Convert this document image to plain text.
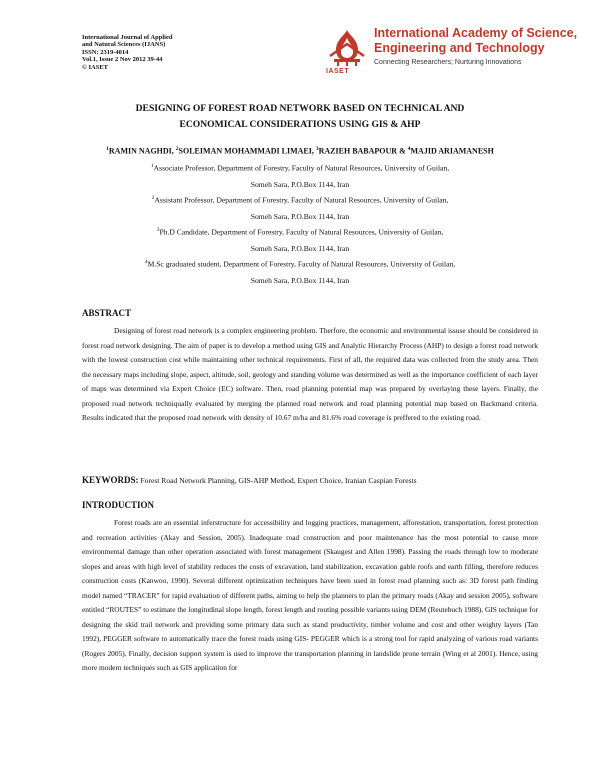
International Journal of Applied
and Natural Sciences (IJANS)
ISSN: 2319-4014
Vol.1, Issue 2 Nov 2012 39-44
© IASET
IASET
International Academy of Science,
Engineering and Technology
Connecting Researchers; Nurturing Innovations
DESIGNING OF FOREST ROAD NETWORK BASED ON TECHNICAL AND
ECONOMICAL CONSIDERATIONS USING GIS & AHP
$^1$RAMIN NAGHDI, $^2$SOLEIMAN MOHAMMADI LIMAEI, $^3$RAZIEH BABAPOUR & $^4$MAJID ARIAMANESH
$^1$Associate Professor, Department of Forestry, Faculty of Natural Resources, University of Guilan,
Someh Sara, P.O.Box 1144, Iran
$^2$Assistant Professor, Department of Forestry, Faculty of Natural Resources, University of Guilan,
Someh Sara, P.O.Box 1144, Iran
$^3$Ph.D Candidate, Department of Forestry, Faculty of Natural Resources, University of Guilan,
Someh Sara, P.O.Box 1144, Iran
$^4$M.Sc graduated student, Department of Forestry, Faculty of Natural Resources, University of Guilan,
Someh Sara, P.O.Box 1144, Iran
ABSTRACT
Designing of forest road network is a complex engineering problem. Therfore, the economic and environmental issuse should be considered in forest road network designing. The aim of paper is to develop a method using GIS and Analytic Hierarchy Process (AHP) to design a forest road network with the lowest construction cost while maintaining other technical requirements. First of all, the required data was collected from the study area. Then the necessary maps including slope, aspect, altitude, soil, geology and standing volume was determined as well as the importance coefficient of each layer of maps was determined via Expert Choice (EC) software. Then, road planning potential map was prepared by overlaying these layers. Finally, the proposed road network techniqually evaluated by merging the planned road network and road planning potential map based on Backmand criteria. Results indicated that the proposed road network with density of 10.67 m/ha and 81.6% road coverage is preffered to the existing road.
KEYWORDS: Forest Road Network Planning, GIS-AHP Method, Expert Choice, Iranian Caspian Forests
INTRODUCTION
Forest roads are an essential inferstructure for accessibility and logging practices, management, afforestation, transportation, forest protection and recreation activities (Akay and Session, 2005). Inadequate road construction and poor maintenance has the most potential to cause more environmental damage than other operation associated with forest management (Skaugest and Allen 1998). Passing the roads through low to moderate slopes and areas with high level of stability reduces the costs of excavation, land stabilization, excavation gable roofs and earth filling, therefore reduces construction costs (Kanwoo, 1990). Several different optimization techniques have been used in forest road planning such as: 3D forest path finding model named “TRACER” for rapid evaluation of different paths, aiming to help the planners to plan the primary roads (Akay and session 2005), software entitled “ROUTES” to estimate the longitudinal slope length, forest length and routing possible variants using DEM (Reutebuch 1988), GIS technique for designing the skid trail network and providing some primary data such as stand productivity, timber volume and cost and other weighty layers (Tan 1992), PEGGER software to automatically trace the forest roads using GIS- PEGGER which is a strong tool for rapid analyzing of various road variants (Rogers 2005). Finally, decision support system is used to improve the transportation planning in landslide prone terrain (Wing et al 2001). Hence, using more modern techniques such as GIS application for
